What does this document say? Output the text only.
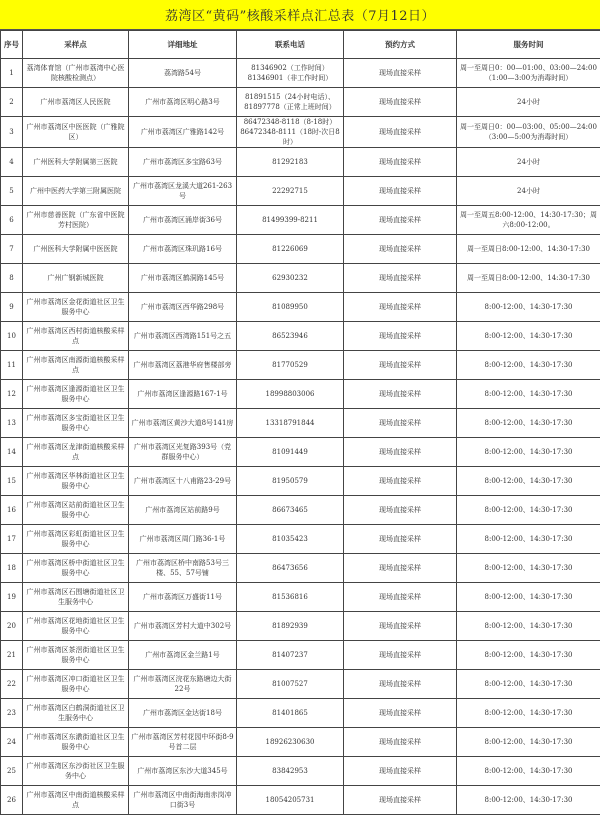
荔湾区“黄码”核酸采样点汇总表（7月12日）
序号	采样点	详细地址	联系电话	预约方式	服务时间
1	荔湾体育馆（广州市荔湾中心医院核酸检测点）	荔湾路54号	81346902（工作时间）
81346901（非工作时间）	现场直接采样	周一至周日0：00—01:00、03:00—24:00
（1:00—3:00为消毒时间）

2	广州市荔湾区人民医院	广州市荔湾区明心路3号	81891515（24小时电话）、
81897778（正常上班时间）	现场直接采样	24小时

3	广州市荔湾区中医医院（广雅院区）	广州市荔湾区广雅路142号	86472348-8118（8-18时）
86472348-8111（18时-次日8时）	现场直接采样	周一至周日0：00—03:00、05:00—24:00
（3:00—5:00为消毒时间）

4	广州医科大学附属第三医院	广州市荔湾区多宝路63号	81292183	现场直接采样	24小时

5	广州中医药大学第三附属医院	广州市荔湾区龙溪大道261-263号	22292715	现场直接采样	24小时

6	广州市慈善医院（广东省中医院芳村医院）	广州市荔湾区涌岸街36号	81499399-8211	现场直接采样	周一至周五8:00-12:00、14:30-17:30；周六8:00-12:00。

7	广州医科大学附属中医医院	广州市荔湾区珠玑路16号	81226069	现场直接采样	周一至周日8:00-12:00、14:30-17:30

8	广州广钢新城医院	广州市荔湾区鹤洞路145号	62930232	现场直接采样	周一至周日8:00-12:00、14:30-17:30

9	广州市荔湾区金花街道社区卫生服务中心	广州市荔湾区西华路298号	81089950	现场直接采样	8:00-12:00、14:30-17:30

10	广州市荔湾区西村街道核酸采样点	广州市荔湾区西湾路151号之五	86523946	现场直接采样	8:00-12:00、14:30-17:30

11	广州市荔湾区南源街道核酸采样点	广州市荔湾区荔港华府售楼部旁	81770529	现场直接采样	8:00-12:00、14:30-17:30

12	广州市荔湾区逢源街道社区卫生服务中心	广州市荔湾区逢源路167-1号	18998803006	现场直接采样	8:00-12:00、14:30-17:30

13	广州市荔湾区多宝街道社区卫生服务中心	广州市荔湾区黄沙大道8号141房	13318791844	现场直接采样	8:00-12:00、14:30-17:30

14	广州市荔湾区龙津街道核酸采样点	广州市荔湾区光复路393号（党群服务中心）	81091449	现场直接采样	8:00-12:00、14:30-17:30

15	广州市荔湾区华林街道社区卫生服务中心	广州市荔湾区十八甫路23-29号	81950579	现场直接采样	8:00-12:00、14:30-17:30

16	广州市荔湾区站前街道社区卫生服务中心	广州市荔湾区站前路9号	86673465	现场直接采样	8:00-12:00、14:30-17:30

17	广州市荔湾区彩虹街道社区卫生服务中心	广州市荔湾区周门路36-1号	81035423	现场直接采样	8:00-12:00、14:30-17:30

18	广州市荔湾区桥中街道社区卫生服务中心	广州市荔湾区桥中南路53号三楼、55、57号铺	86473656	现场直接采样	8:00-12:00、14:30-17:30

19	广州市荔湾区石围塘街道社区卫生服务中心	广州市荔湾区万盛街11号	81536816	现场直接采样	8:00-12:00、14:30-17:30

20	广州市荔湾区花地街道社区卫生服务中心	广州市荔湾区芳村大道中302号	81892939	现场直接采样	8:00-12:00、14:30-17:30

21	广州市荔湾区茶滘街道社区卫生服务中心	广州市荔湾区金兰路1号	81407237	现场直接采样	8:00-12:00、14:30-17:30

22	广州市荔湾区冲口街道社区卫生服务中心	广州市荔湾区浣花东路塘边大街22号	81007527	现场直接采样	8:00-12:00、14:30-17:30

23	广州市荔湾区白鹤洞街道社区卫生服务中心	广州市荔湾区金达街18号	81401865	现场直接采样	8:00-12:00、14:30-17:30

24	广州市荔湾区东漖街道社区卫生服务中心	广州市荔湾区芳村花园中环街8-9号首二层	18926230630	现场直接采样	8:00-12:00、14:30-17:30

25	广州市荔湾区东沙街社区卫生服务中心	广州市荔湾区东沙大道345号	83842953	现场直接采样	8:00-12:00、14:30-17:30

26	广州市荔湾区中南街道核酸采样点	广州市荔湾区中南街海南赤岗冲口街3号	18054205731	现场直接采样	8:00-12:00、14:30-17:30
